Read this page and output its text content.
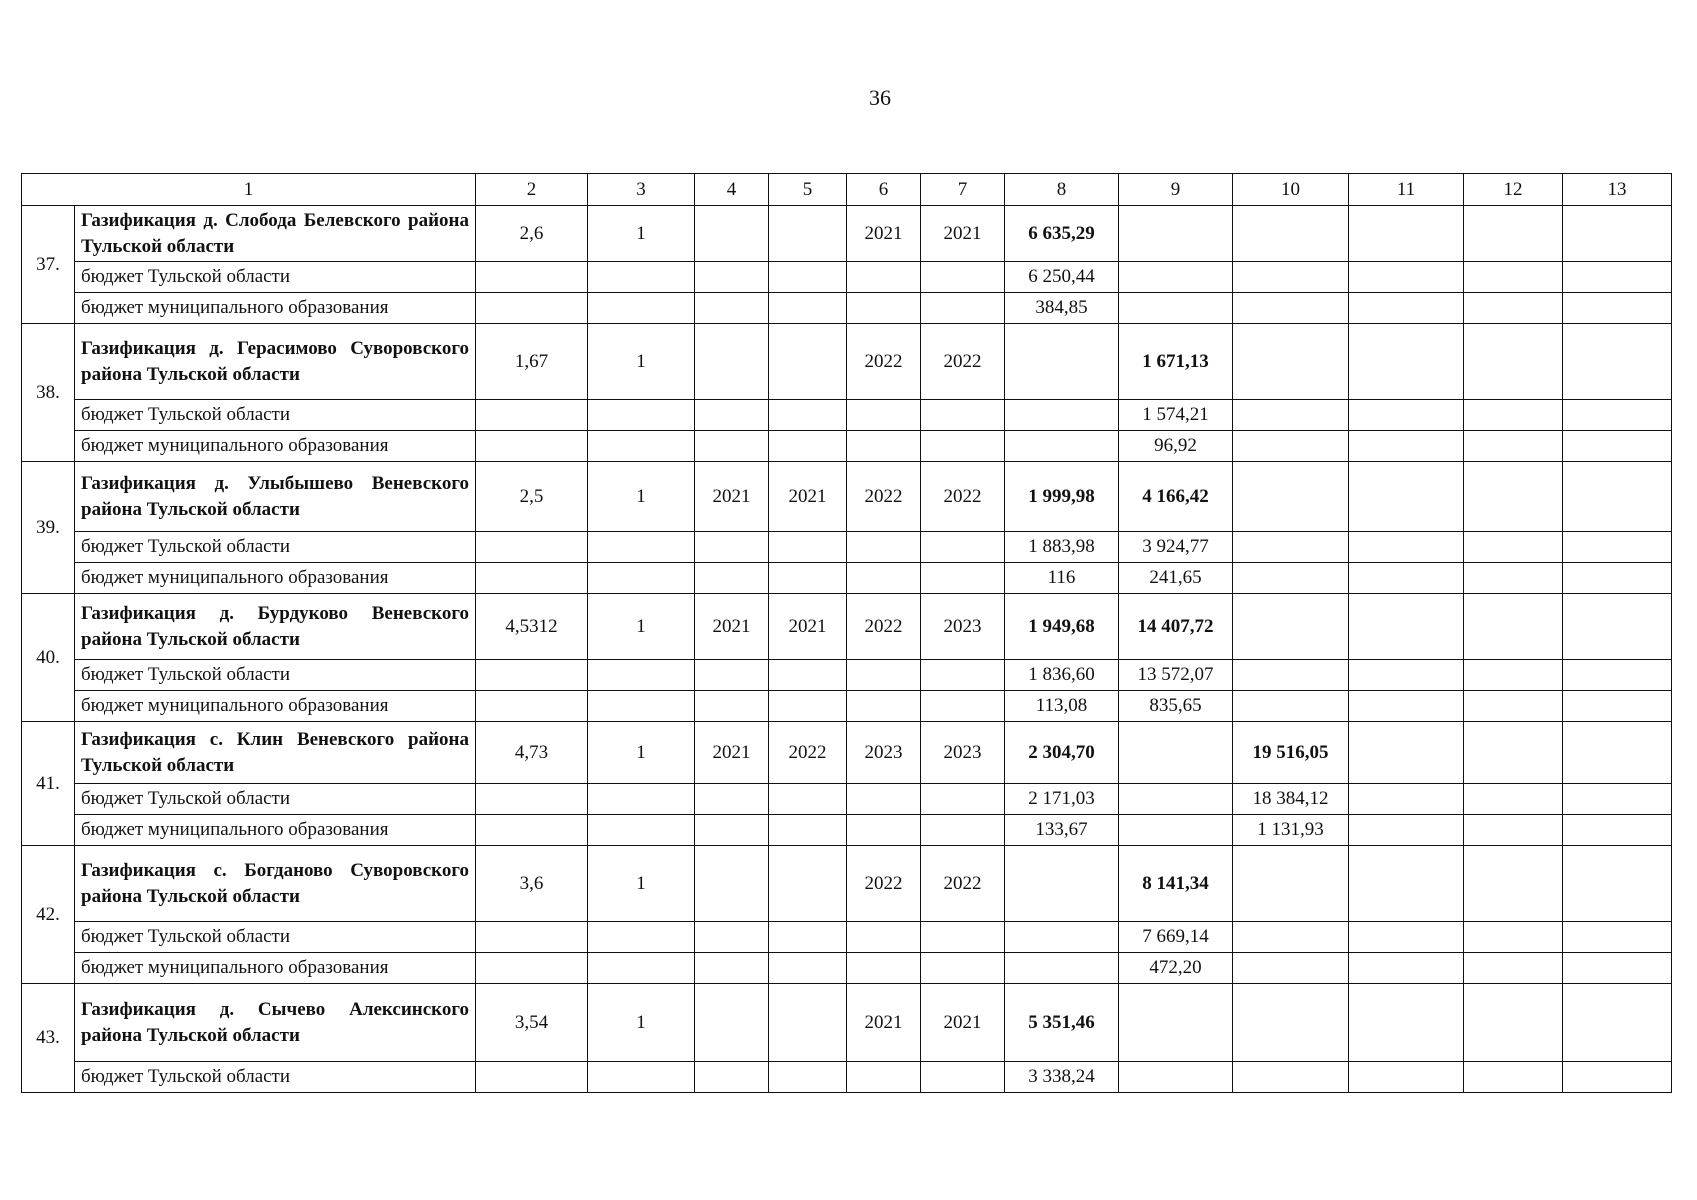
36
1		2	3	4	5	6	7	8	9	10	11	12	13
37.	Газификация д. Слобода Белевского района Тульской области	2,6	1			2021	2021	6 635,29					
	бюджет Тульской области							6 250,44					
	бюджет муниципального образования							384,85					
38.	Газификация д. Герасимово Суворовского района Тульской области	1,67	1			2022	2022		1 671,13				
	бюджет Тульской области								1 574,21				
	бюджет муниципального образования								96,92				
39.	Газификация д. Улыбышево Веневского района Тульской области	2,5	1	2021	2021	2022	2022	1 999,98	4 166,42				
	бюджет Тульской области							1 883,98	3 924,77				
	бюджет муниципального образования							116	241,65				
40.	Газификация д. Бурдуково Веневского района Тульской области	4,5312	1	2021	2021	2022	2023	1 949,68	14 407,72				
	бюджет Тульской области							1 836,60	13 572,07				
	бюджет муниципального образования							113,08	835,65				
41.	Газификация с. Клин Веневского района Тульской области	4,73	1	2021	2022	2023	2023	2 304,70		19 516,05			
	бюджет Тульской области							2 171,03		18 384,12			
	бюджет муниципального образования							133,67		1 131,93			
42.	Газификация с. Богданово Суворовского района Тульской области	3,6	1			2022	2022		8 141,34				
	бюджет Тульской области								7 669,14				
	бюджет муниципального образования								472,20				
43.	Газификация д. Сычево Алексинского района Тульской области	3,54	1			2021	2021	5 351,46					
	бюджет Тульской области							3 338,24					
